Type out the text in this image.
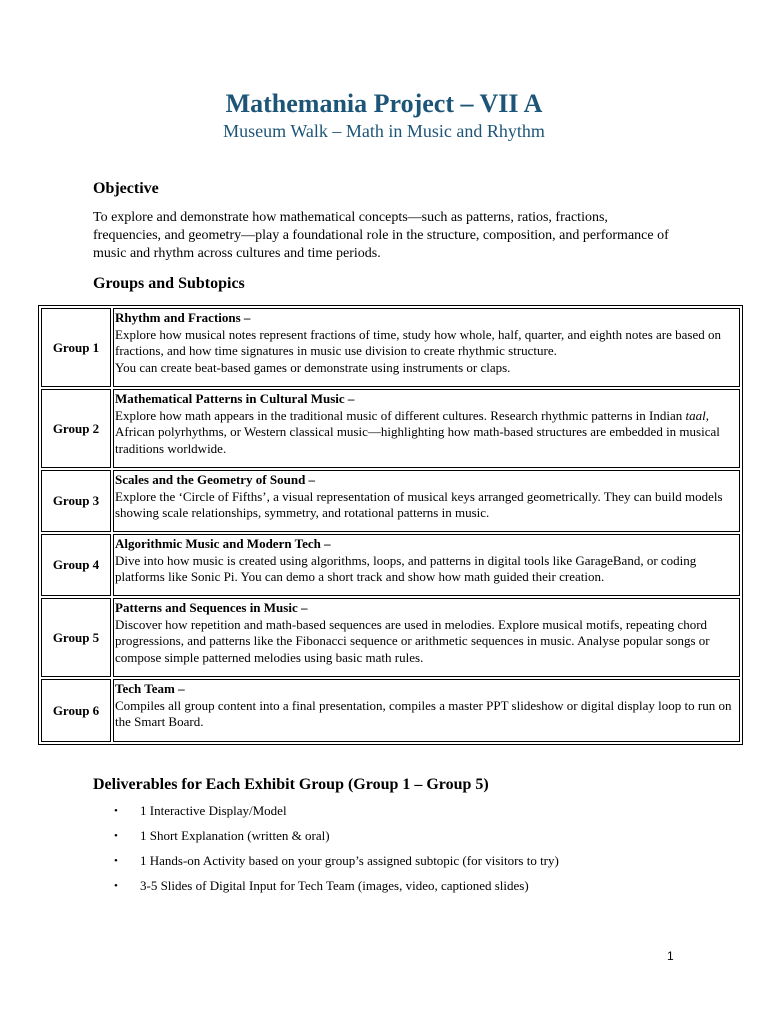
Mathemania Project – VII A
Museum Walk – Math in Music and Rhythm
Objective
To explore and demonstrate how mathematical concepts—such as patterns, ratios, fractions, frequencies, and geometry—play a foundational role in the structure, composition, and performance of music and rhythm across cultures and time periods.
Groups and Subtopics
Group 1
Rhythm and Fractions –
Explore how musical notes represent fractions of time, study how whole, half, quarter, and eighth notes are based on fractions, and how time signatures in music use division to create rhythmic structure.
You can create beat-based games or demonstrate using instruments or claps.
Group 2
Mathematical Patterns in Cultural Music –
Explore how math appears in the traditional music of different cultures. Research rhythmic patterns in Indian taal, African polyrhythms, or Western classical music—highlighting how math-based structures are embedded in musical traditions worldwide.
Group 3
Scales and the Geometry of Sound –
Explore the ‘Circle of Fifths’, a visual representation of musical keys arranged geometrically. They can build models showing scale relationships, symmetry, and rotational patterns in music.
Group 4
Algorithmic Music and Modern Tech –
Dive into how music is created using algorithms, loops, and patterns in digital tools like GarageBand, or coding platforms like Sonic Pi. You can demo a short track and show how math guided their creation.
Group 5
Patterns and Sequences in Music –
Discover how repetition and math-based sequences are used in melodies. Explore musical motifs, repeating chord progressions, and patterns like the Fibonacci sequence or arithmetic sequences in music. Analyse popular songs or compose simple patterned melodies using basic math rules.
Group 6
Tech Team –
Compiles all group content into a final presentation, compiles a master PPT slideshow or digital display loop to run on the Smart Board.
Deliverables for Each Exhibit Group (Group 1 – Group 5)
• 1 Interactive Display/Model
• 1 Short Explanation (written & oral)
• 1 Hands-on Activity based on your group’s assigned subtopic (for visitors to try)
• 3-5 Slides of Digital Input for Tech Team (images, video, captioned slides)
1
